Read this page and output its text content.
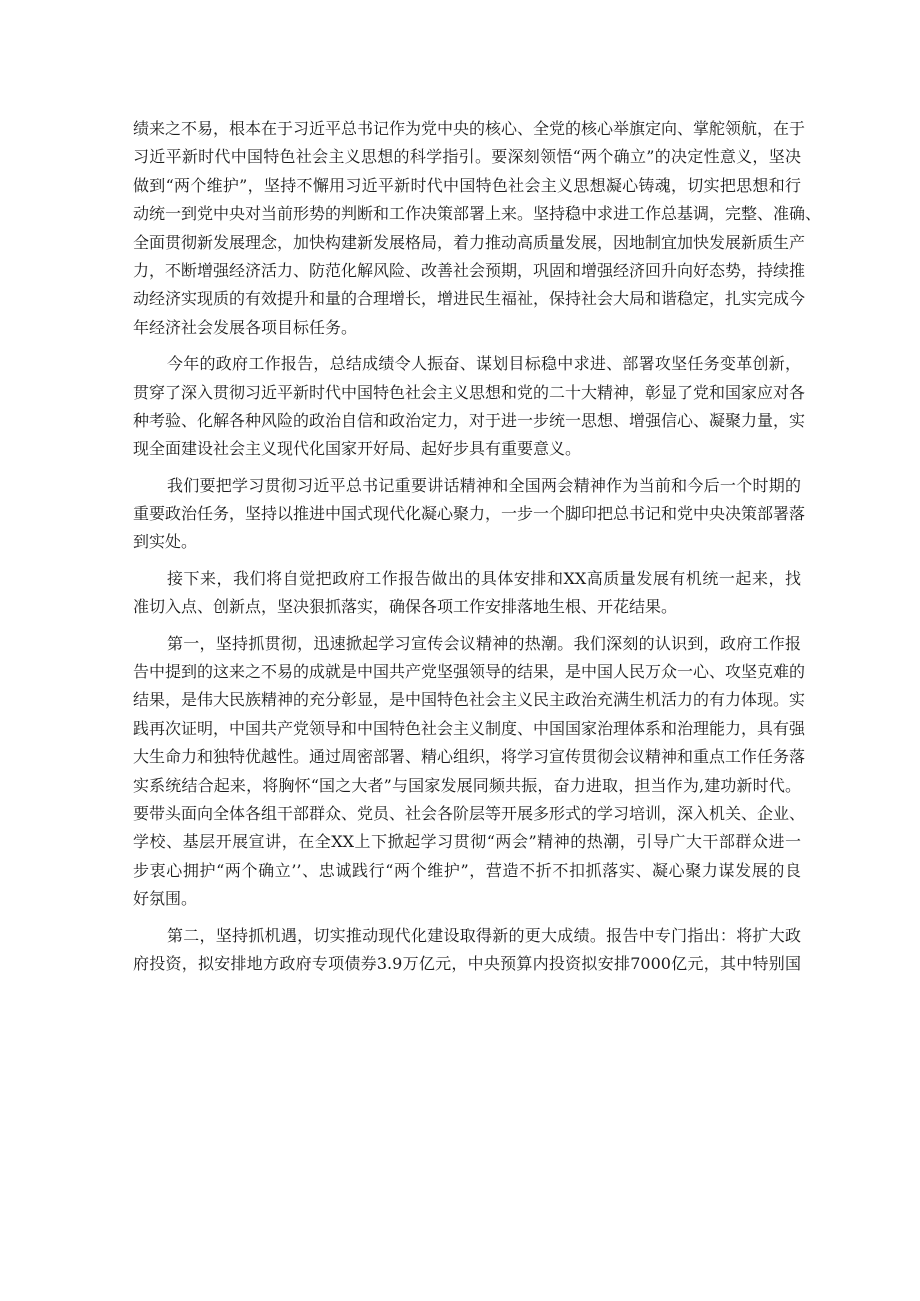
绩来之不易，根本在于习近平总书记作为党中央的核心、全党的核心举旗定向、掌舵领航，在于
习近平新时代中国特色社会主义思想的科学指引。要深刻领悟“两个确立”的决定性意义，坚决
做到“两个维护”，坚持不懈用习近平新时代中国特色社会主义思想凝心铸魂，切实把思想和行
动统一到党中央对当前形势的判断和工作决策部署上来。坚持稳中求进工作总基调，完整、准确、
全面贯彻新发展理念，加快构建新发展格局，着力推动高质量发展，因地制宜加快发展新质生产
力，不断增强经济活力、防范化解风险、改善社会预期，巩固和增强经济回升向好态势，持续推
动经济实现质的有效提升和量的合理增长，增进民生福祉，保持社会大局和谐稳定，扎实完成今
年经济社会发展各项目标任务。
今年的政府工作报告，总结成绩令人振奋、谋划目标稳中求进、部署攻坚任务变革创新，
贯穿了深入贯彻习近平新时代中国特色社会主义思想和党的二十大精神，彰显了党和国家应对各
种考验、化解各种风险的政治自信和政治定力，对于进一步统一思想、增强信心、凝聚力量，实
现全面建设社会主义现代化国家开好局、起好步具有重要意义。
我们要把学习贯彻习近平总书记重要讲话精神和全国两会精神作为当前和今后一个时期的
重要政治任务，坚持以推进中国式现代化凝心聚力，一步一个脚印把总书记和党中央决策部署落
到实处。
接下来，我们将自觉把政府工作报告做出的具体安排和XX高质量发展有机统一起来，找
准切入点、创新点，坚决狠抓落实，确保各项工作安排落地生根、开花结果。
第一，坚持抓贯彻，迅速掀起学习宣传会议精神的热潮。我们深刻的认识到，政府工作报
告中提到的这来之不易的成就是中国共产党坚强领导的结果，是中国人民万众一心、攻坚克难的
结果，是伟大民族精神的充分彰显，是中国特色社会主义民主政治充满生机活力的有力体现。实
践再次证明，中国共产党领导和中国特色社会主义制度、中国国家治理体系和治理能力，具有强
大生命力和独特优越性。通过周密部署、精心组织，将学习宣传贯彻会议精神和重点工作任务落
实系统结合起来，将胸怀“国之大者”与国家发展同频共振，奋力进取，担当作为,建功新时代。
要带头面向全体各组干部群众、党员、社会各阶层等开展多形式的学习培训，深入机关、企业、
学校、基层开展宣讲，在全XX上下掀起学习贯彻“两会”精神的热潮，引导广大干部群众进一
步衷心拥护“两个确立’’、忠诚践行“两个维护”，营造不折不扣抓落实、凝心聚力谋发展的良
好氛围。
第二，坚持抓机遇，切实推动现代化建设取得新的更大成绩。报告中专门指出：将扩大政
府投资，拟安排地方政府专项债券3.9万亿元，中央预算内投资拟安排7000亿元，其中特别国
